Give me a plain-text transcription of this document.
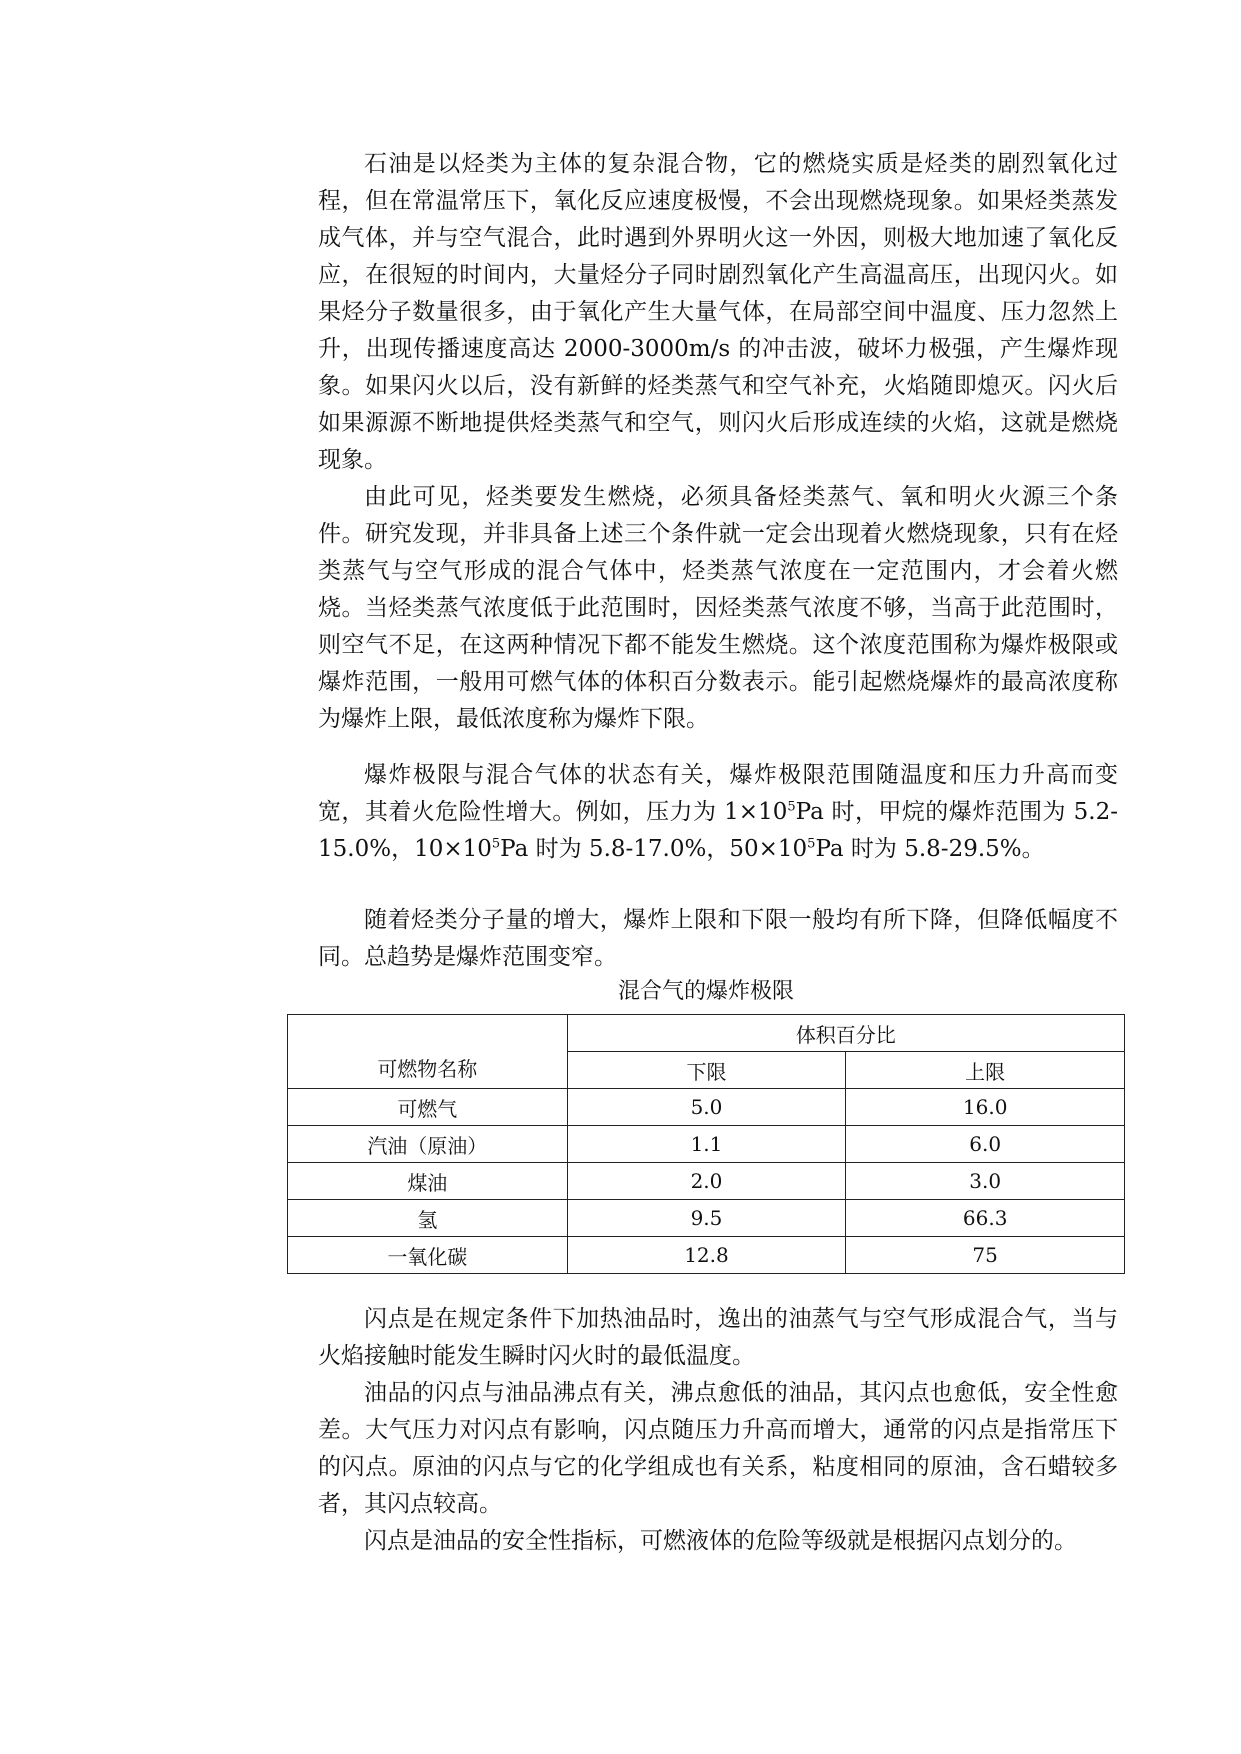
石油是以烃类为主体的复杂混合物，它的燃烧实质是烃类的剧烈氧化过程，但在常温常压下，氧化反应速度极慢，不会出现燃烧现象。如果烃类蒸发成气体，并与空气混合，此时遇到外界明火这一外因，则极大地加速了氧化反应，在很短的时间内，大量烃分子同时剧烈氧化产生高温高压，出现闪火。如果烃分子数量很多，由于氧化产生大量气体，在局部空间中温度、压力忽然上升，出现传播速度高达 2000-3000m/s 的冲击波，破坏力极强，产生爆炸现象。如果闪火以后，没有新鲜的烃类蒸气和空气补充，火焰随即熄灭。闪火后如果源源不断地提供烃类蒸气和空气，则闪火后形成连续的火焰，这就是燃烧现象。

由此可见，烃类要发生燃烧，必须具备烃类蒸气、氧和明火火源三个条件。研究发现，并非具备上述三个条件就一定会出现着火燃烧现象，只有在烃类蒸气与空气形成的混合气体中，烃类蒸气浓度在一定范围内，才会着火燃烧。当烃类蒸气浓度低于此范围时，因烃类蒸气浓度不够，当高于此范围时，则空气不足，在这两种情况下都不能发生燃烧。这个浓度范围称为爆炸极限或爆炸范围，一般用可燃气体的体积百分数表示。能引起燃烧爆炸的最高浓度称为爆炸上限，最低浓度称为爆炸下限。

爆炸极限与混合气体的状态有关，爆炸极限范围随温度和压力升高而变宽，其着火危险性增大。例如，压力为 $1\times 10^5Pa$ 时，甲烷的爆炸范围为 5.2-15.0%，$10\times 10^5Pa$ 时为 5.8-17.0%，$50\times 10^5Pa$ 时为 5.8-29.5%。

随着烃类分子量的增大，爆炸上限和下限一般均有所下降，但降低幅度不同。总趋势是爆炸范围变窄。

混合气的爆炸极限
可燃物名称	体积百分比	
	下限	上限
可燃气	5.0	16.0
汽油（原油）	1.1	6.0
煤油	2.0	3.0
氢	9.5	66.3
一氧化碳	12.8	75

闪点是在规定条件下加热油品时，逸出的油蒸气与空气形成混合气，当与火焰接触时能发生瞬时闪火时的最低温度。

油品的闪点与油品沸点有关，沸点愈低的油品，其闪点也愈低，安全性愈差。大气压力对闪点有影响，闪点随压力升高而增大，通常的闪点是指常压下的闪点。原油的闪点与它的化学组成也有关系，粘度相同的原油，含石蜡较多者，其闪点较高。

闪点是油品的安全性指标，可燃液体的危险等级就是根据闪点划分的。
